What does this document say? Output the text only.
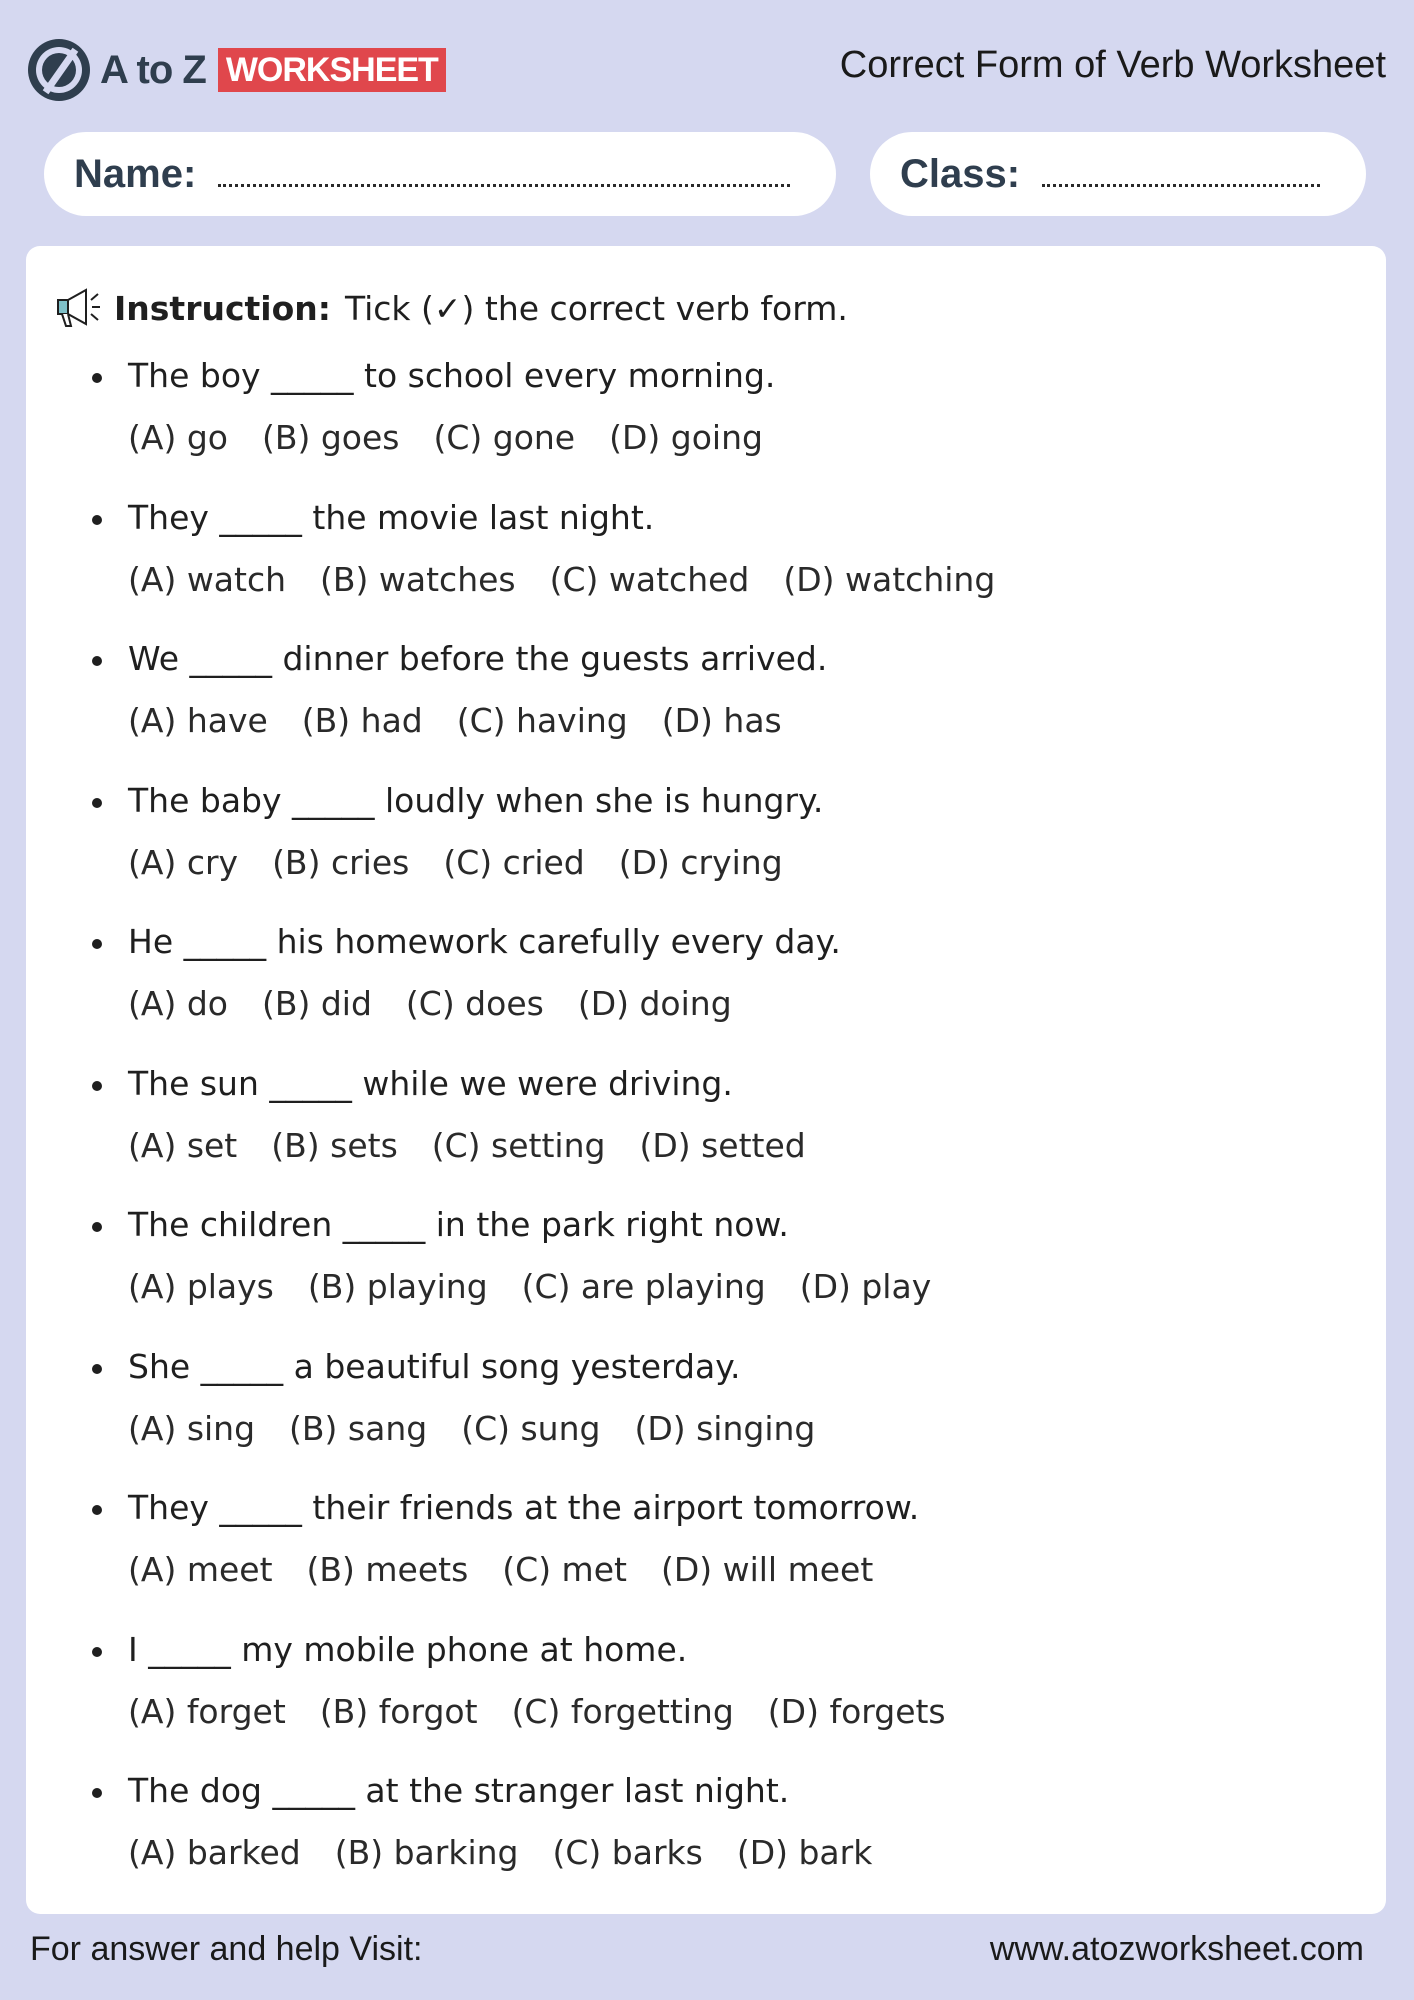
A to Z WORKSHEET	Correct Form of Verb Worksheet
Name:	Class:
Instruction: Tick (✓) the correct verb form.
The boy _____ to school every morning.
(A) go (B) goes (C) gone (D) going
They _____ the movie last night.
(A) watch (B) watches (C) watched (D) watching
We _____ dinner before the guests arrived.
(A) have (B) had (C) having (D) has
The baby _____ loudly when she is hungry.
(A) cry (B) cries (C) cried (D) crying
He _____ his homework carefully every day.
(A) do (B) did (C) does (D) doing
The sun _____ while we were driving.
(A) set (B) sets (C) setting (D) setted
The children _____ in the park right now.
(A) plays (B) playing (C) are playing (D) play
She _____ a beautiful song yesterday.
(A) sing (B) sang (C) sung (D) singing
They _____ their friends at the airport tomorrow.
(A) meet (B) meets (C) met (D) will meet
I _____ my mobile phone at home.
(A) forget (B) forgot (C) forgetting (D) forgets
The dog _____ at the stranger last night.
(A) barked (B) barking (C) barks (D) bark
For answer and help Visit:	www.atozworksheet.com
